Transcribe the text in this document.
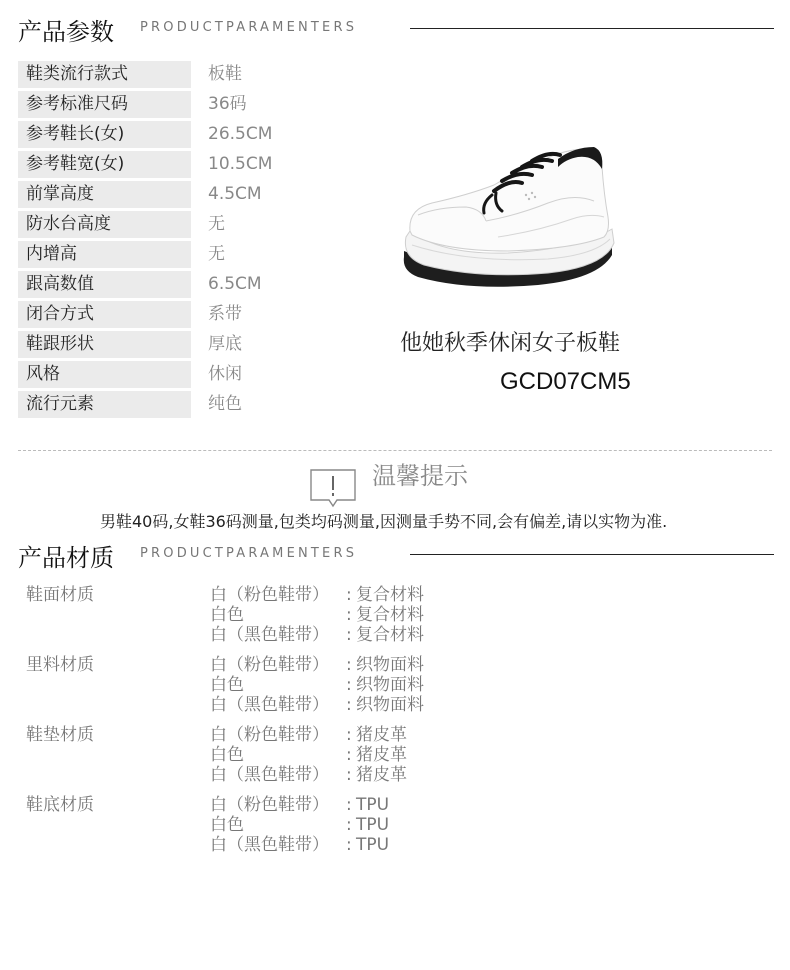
产品参数 PRODUCTPARAMENTERS
鞋类流行款式	板鞋
参考标准尺码	36码
参考鞋长(女)	26.5CM
参考鞋宽(女)	10.5CM
前掌高度	4.5CM
防水台高度	无
内增高	无
跟高数值	6.5CM
闭合方式	系带
鞋跟形状	厚底
风格	休闲
流行元素	纯色
他她秋季休闲女子板鞋
GCD07CM5
温馨提示
男鞋40码,女鞋36码测量,包类均码测量,因测量手势不同,会有偏差,请以实物为准.
产品材质 PRODUCTPARAMENTERS
鞋面材质	白（粉色鞋带） : 复合材料
白色	: 复合材料
白（黑色鞋带） : 复合材料
里料材质	白（粉色鞋带） : 织物面料
白色	: 织物面料
白（黑色鞋带） : 织物面料
鞋垫材质	白（粉色鞋带） : 猪皮革
白色	: 猪皮革
白（黑色鞋带） : 猪皮革
鞋底材质	白（粉色鞋带） : TPU
白色	: TPU
白（黑色鞋带） : TPU
